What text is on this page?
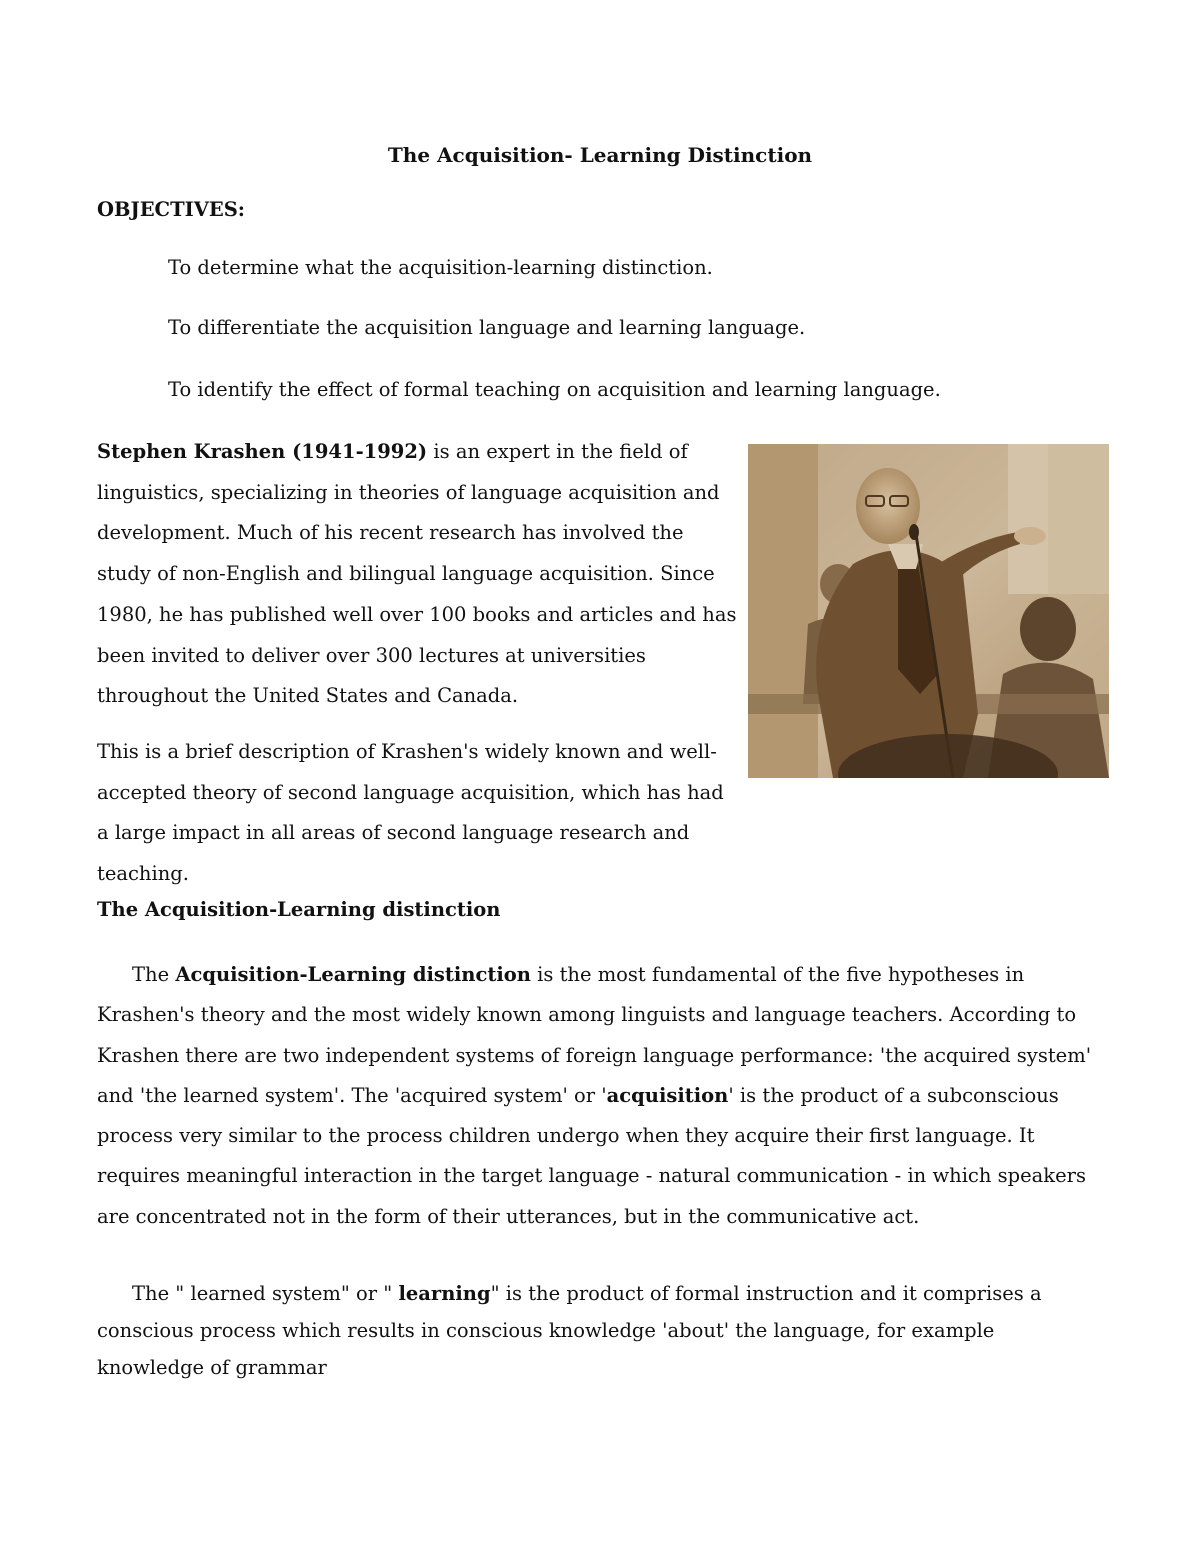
The Acquisition- Learning Distinction
OBJECTIVES:
To determine what the acquisition-learning distinction.
To differentiate the acquisition language and learning language.
To identify the effect of formal teaching on acquisition and learning language.

Stephen Krashen (1941-1992) is an expert in the field of linguistics, specializing in theories of language acquisition and development. Much of his recent research has involved the study of non-English and bilingual language acquisition. Since 1980, he has published well over 100 books and articles and has been invited to deliver over 300 lectures at universities throughout the United States and Canada.

This is a brief description of Krashen's widely known and well-accepted theory of second language acquisition, which has had a large impact in all areas of second language research and teaching.

The Acquisition-Learning distinction

The Acquisition-Learning distinction is the most fundamental of the five hypotheses in Krashen's theory and the most widely known among linguists and language teachers. According to Krashen there are two independent systems of foreign language performance: 'the acquired system' and 'the learned system'. The 'acquired system' or 'acquisition' is the product of a subconscious process very similar to the process children undergo when they acquire their first language. It requires meaningful interaction in the target language - natural communication - in which speakers are concentrated not in the form of their utterances, but in the communicative act.

The " learned system" or " learning" is the product of formal instruction and it comprises a conscious process which results in conscious knowledge 'about' the language, for example knowledge of grammar
